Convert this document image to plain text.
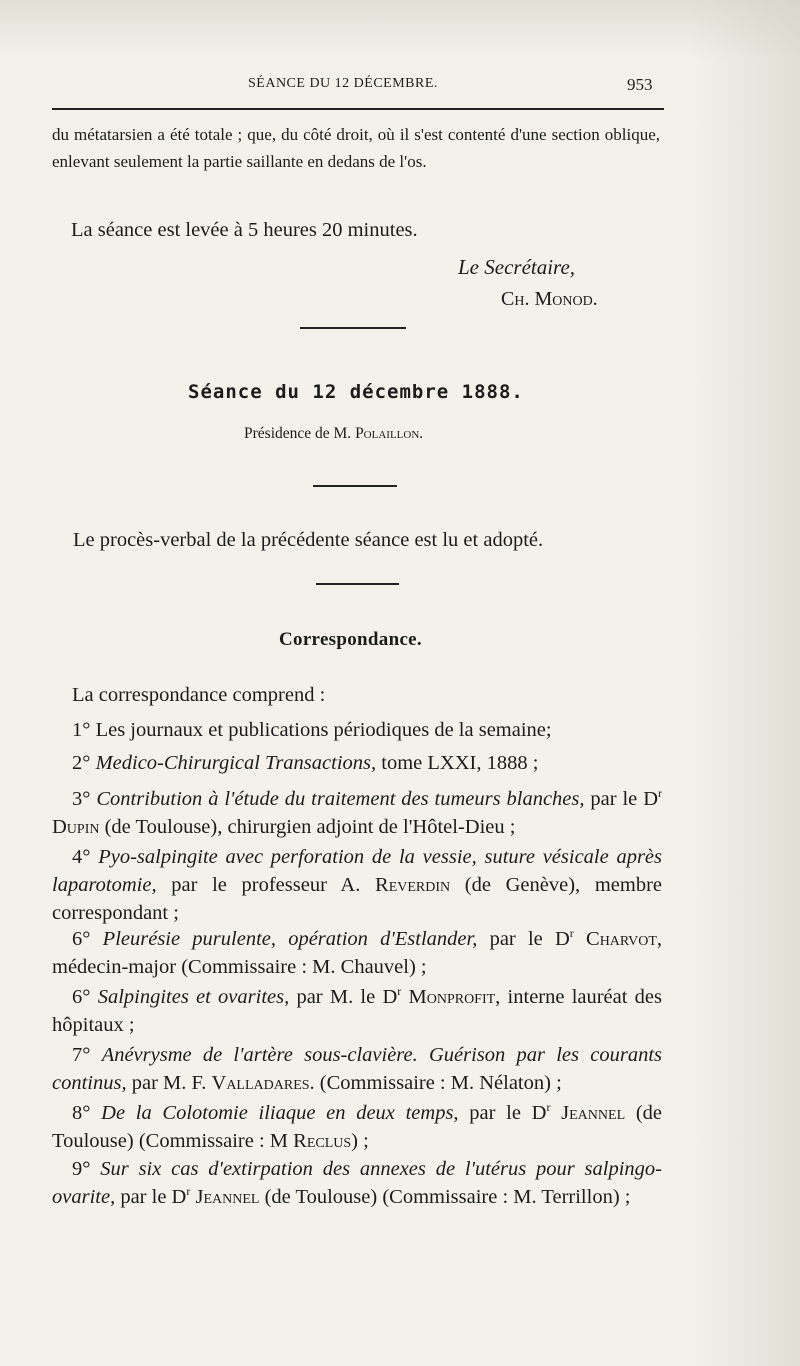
SÉANCE DU 12 DÉCEMBRE.	953
du métatarsien a été totale ; que, du côté droit, où il s'est contenté d'une section oblique, enlevant seulement la partie saillante en dedans de l'os.
La séance est levée à 5 heures 20 minutes.
Le Secrétaire,
Ch. Monod.
Séance du 12 décembre 1888.
Présidence de M. Polaillon.
Le procès-verbal de la précédente séance est lu et adopté.
Correspondance.
La correspondance comprend :
1° Les journaux et publications périodiques de la semaine;
2° Medico-Chirurgical Transactions, tome LXXI, 1888 ;
3° Contribution à l'étude du traitement des tumeurs blanches, par le $D^r$ Dupin (de Toulouse), chirurgien adjoint de l'Hôtel-Dieu ;
4° Pyo-salpingite avec perforation de la vessie, suture vésicale après laparotomie, par le professeur A. Reverdin (de Genève), membre correspondant ;
6° Pleurésie purulente, opération d'Estlander, par le $D^r$ Charvot, médecin-major (Commissaire : M. Chauvel) ;
6° Salpingites et ovarites, par M. le $D^r$ Monprofit, interne lauréat des hôpitaux ;
7° Anévrysme de l'artère sous-clavière. Guérison par les courants continus, par M. F. Valladares. (Commissaire : M. Nélaton) ;
8° De la Colotomie iliaque en deux temps, par le $D^r$ Jeannel (de Toulouse) (Commissaire : M Reclus) ;
9° Sur six cas d'extirpation des annexes de l'utérus pour salpingo-ovarite, par le $D^r$ Jeannel (de Toulouse) (Commissaire : M. Terrillon) ;
